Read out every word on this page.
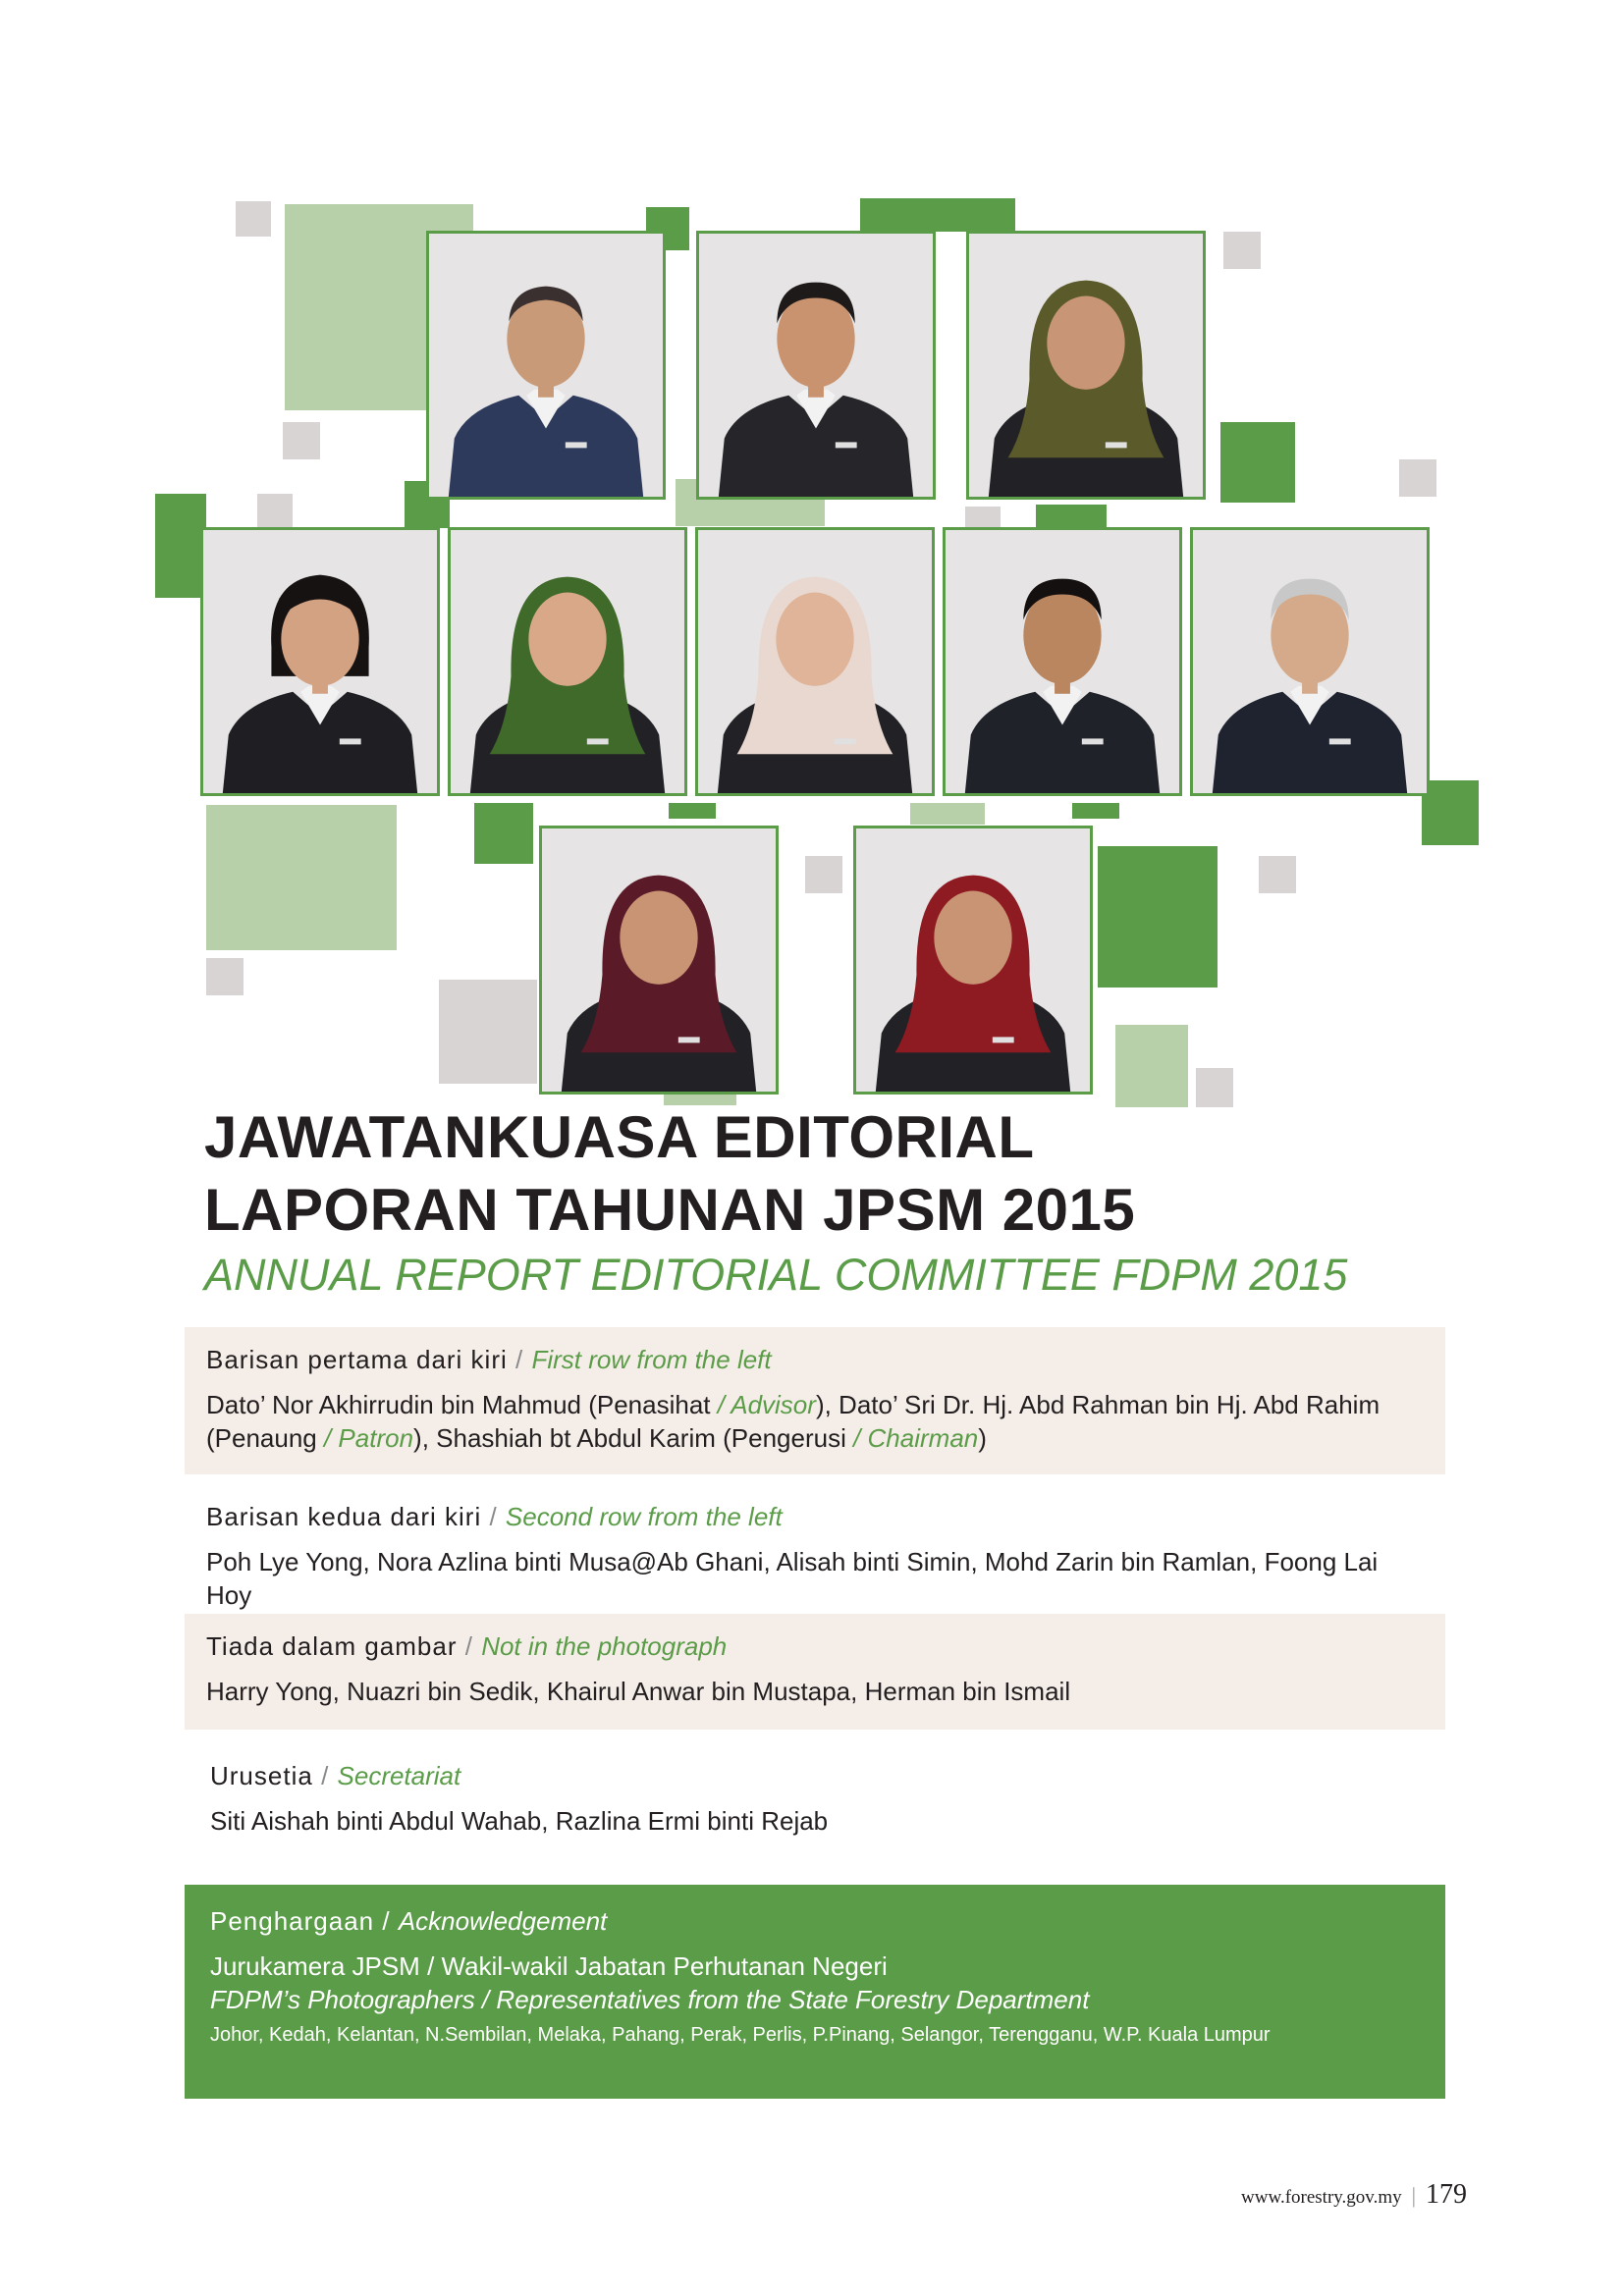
JAWATANKUASA EDITORIAL
LAPORAN TAHUNAN JPSM 2015
ANNUAL REPORT EDITORIAL COMMITTEE FDPM 2015
Barisan pertama dari kiri / First row from the left
Dato’ Nor Akhirrudin bin Mahmud (Penasihat / Advisor), Dato’ Sri Dr. Hj. Abd Rahman bin Hj. Abd Rahim
(Penaung / Patron), Shashiah bt Abdul Karim (Pengerusi / Chairman)
Barisan kedua dari kiri / Second row from the left
Poh Lye Yong, Nora Azlina binti Musa@Ab Ghani, Alisah binti Simin, Mohd Zarin bin Ramlan, Foong Lai Hoy
Tiada dalam gambar / Not in the photograph
Harry Yong, Nuazri bin Sedik, Khairul Anwar bin Mustapa, Herman bin Ismail
Urusetia / Secretariat
Siti Aishah binti Abdul Wahab, Razlina Ermi binti Rejab
Penghargaan / Acknowledgement
Jurukamera JPSM / Wakil-wakil Jabatan Perhutanan Negeri
FDPM’s Photographers / Representatives from the State Forestry Department
Johor, Kedah, Kelantan, N.Sembilan, Melaka, Pahang, Perak, Perlis, P.Pinang, Selangor, Terengganu, W.P. Kuala Lumpur
www.forestry.gov.my | 179
